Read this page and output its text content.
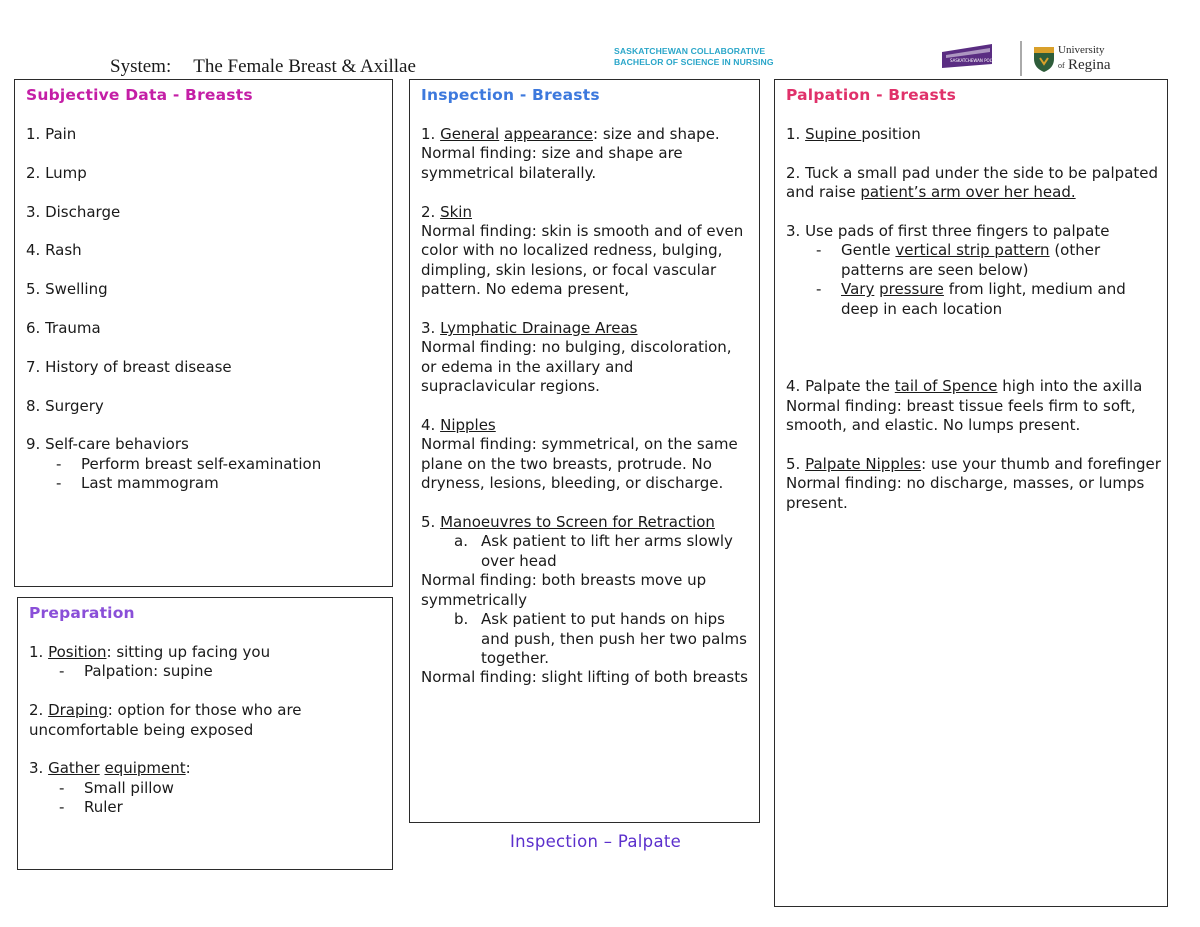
System: The Female Breast & Axillae
SASKATCHEWAN COLLABORATIVE
BACHELOR OF SCIENCE IN NURSING	SASKATCHEWAN POLYTECHNIC
University
of Regina
Subjective Data - Breasts

1. Pain

2. Lump

3. Discharge

4. Rash

5. Swelling

6. Trauma

7. History of breast disease

8. Surgery

9. Self-care behaviors

- Perform breast self-examination
- Last mammogram
Preparation

1. Position: sitting up facing you

- Palpation: supine

2. Draping: option for those who are uncomfortable being exposed

3. Gather equipment:

- Small pillow
- Ruler
Inspection - Breasts

1. General appearance: size and shape.

Normal finding: size and shape are symmetrical bilaterally.

2. Skin

Normal finding: skin is smooth and of even color with no localized redness, bulging, dimpling, skin lesions, or focal vascular pattern. No edema present,

3. Lymphatic Drainage Areas

Normal finding: no bulging, discoloration, or edema in the axillary and supraclavicular regions.

4. Nipples

Normal finding: symmetrical, on the same plane on the two breasts, protrude. No dryness, lesions, bleeding, or discharge.

5. Manoeuvres to Screen for Retraction

a. Ask patient to lift her arms slowly over head

Normal finding: both breasts move up symmetrically

b. Ask patient to put hands on hips and push, then push her two palms together.

Normal finding: slight lifting of both breasts

Palpation - Breasts

1. Supine position

2. Tuck a small pad under the side to be palpated and raise patient’s arm over her head.

3. Use pads of first three fingers to palpate

- Gentle vertical strip pattern (other patterns are seen below)
- Vary pressure from light, medium and deep in each location

4. Palpate the tail of Spence high into the axilla

Normal finding: breast tissue feels firm to soft, smooth, and elastic. No lumps present.

5. Palpate Nipples: use your thumb and forefinger

Normal finding: no discharge, masses, or lumps present.

Inspection – Palpate
